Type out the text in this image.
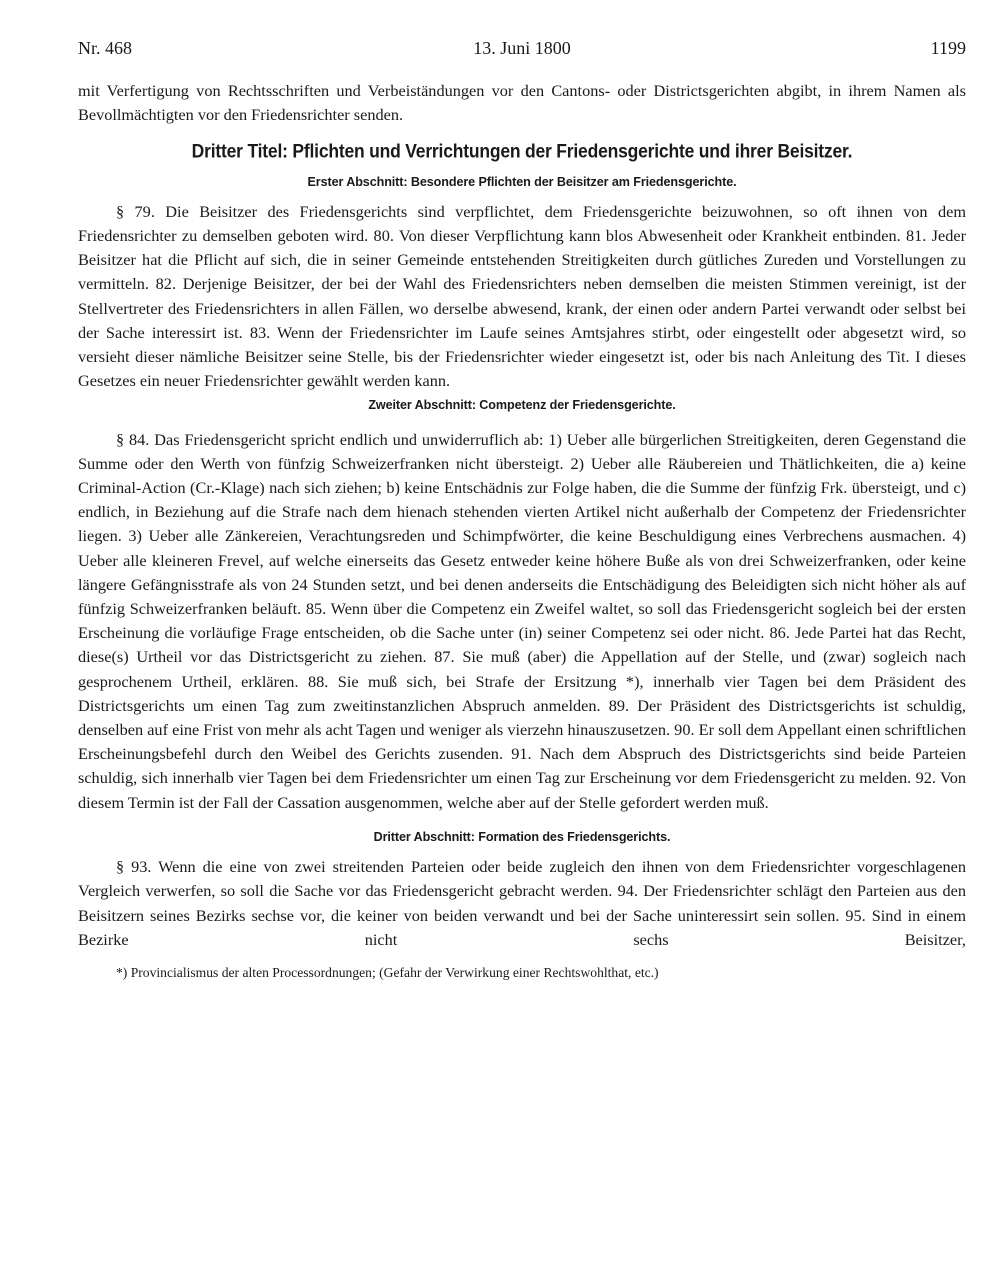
Nr. 468	13. Juni 1800	1199

mit Verfertigung von Rechtsschriften und Verbeiständungen vor den Cantons- oder Districtsgerichten abgibt, in ihrem Namen als Bevollmächtigten vor den Friedensrichter senden.

Dritter Titel: Pflichten und Verrichtungen der Friedensgerichte und ihrer Beisitzer.
Erster Abschnitt: Besondere Pflichten der Beisitzer am Friedensgerichte.

§ 79. Die Beisitzer des Friedensgerichts sind verpflichtet, dem Friedensgerichte beizuwohnen, so oft ihnen von dem Friedensrichter zu demselben geboten wird. 80. Von dieser Verpflichtung kann blos Abwesenheit oder Krankheit entbinden. 81. Jeder Beisitzer hat die Pflicht auf sich, die in seiner Gemeinde entstehenden Streitigkeiten durch gütliches Zureden und Vorstellungen zu vermitteln. 82. Derjenige Beisitzer, der bei der Wahl des Friedensrichters neben demselben die meisten Stimmen vereinigt, ist der Stellvertreter des Friedensrichters in allen Fällen, wo derselbe abwesend, krank, der einen oder andern Partei verwandt oder selbst bei der Sache interessirt ist. 83. Wenn der Friedensrichter im Laufe seines Amtsjahres stirbt, oder eingestellt oder abgesetzt wird, so versieht dieser nämliche Beisitzer seine Stelle, bis der Friedensrichter wieder eingesetzt ist, oder bis nach Anleitung des Tit. I dieses Gesetzes ein neuer Friedensrichter gewählt werden kann.

Zweiter Abschnitt: Competenz der Friedensgerichte.

§ 84. Das Friedensgericht spricht endlich und unwiderruflich ab: 1) Ueber alle bürgerlichen Streitigkeiten, deren Gegenstand die Summe oder den Werth von fünfzig Schweizerfranken nicht übersteigt. 2) Ueber alle Räubereien und Thätlichkeiten, die a) keine Criminal-Action (Cr.-Klage) nach sich ziehen; b) keine Entschädnis zur Folge haben, die die Summe der fünfzig Frk. übersteigt, und c) endlich, in Beziehung auf die Strafe nach dem hienach stehenden vierten Artikel nicht außerhalb der Competenz der Friedensrichter liegen. 3) Ueber alle Zänkereien, Verachtungsreden und Schimpfwörter, die keine Beschuldigung eines Verbrechens ausmachen. 4) Ueber alle kleineren Frevel, auf welche einerseits das Gesetz entweder keine höhere Buße als von drei Schweizerfranken, oder keine längere Gefängnisstrafe als von 24 Stunden setzt, und bei denen anderseits die Entschädigung des Beleidigten sich nicht höher als auf fünfzig Schweizerfranken beläuft. 85. Wenn über die Competenz ein Zweifel waltet, so soll das Friedensgericht sogleich bei der ersten Erscheinung die vorläufige Frage entscheiden, ob die Sache unter (in) seiner Competenz sei oder nicht. 86. Jede Partei hat das Recht, diese(s) Urtheil vor das Districtsgericht zu ziehen. 87. Sie muß (aber) die Appellation auf der Stelle, und (zwar) sogleich nach gesprochenem Urtheil, erklären. 88. Sie muß sich, bei Strafe der Ersitzung *), innerhalb vier Tagen bei dem Präsident des Districtsgerichts um einen Tag zum zweitinstanzlichen Abspruch anmelden. 89. Der Präsident des Districtsgerichts ist schuldig, denselben auf eine Frist von mehr als acht Tagen und weniger als vierzehn hinauszusetzen. 90. Er soll dem Appellant einen schriftlichen Erscheinungsbefehl durch den Weibel des Gerichts zusenden. 91. Nach dem Abspruch des Districtsgerichts sind beide Parteien schuldig, sich innerhalb vier Tagen bei dem Friedensrichter um einen Tag zur Erscheinung vor dem Friedensgericht zu melden. 92. Von diesem Termin ist der Fall der Cassation ausgenommen, welche aber auf der Stelle gefordert werden muß.

Dritter Abschnitt: Formation des Friedensgerichts.

§ 93. Wenn die eine von zwei streitenden Parteien oder beide zugleich den ihnen von dem Friedensrichter vorgeschlagenen Vergleich verwerfen, so soll die Sache vor das Friedensgericht gebracht werden. 94. Der Friedensrichter schlägt den Parteien aus den Beisitzern seines Bezirks sechse vor, die keiner von beiden verwandt und bei der Sache uninteressirt sein sollen. 95. Sind in einem Bezirke nicht sechs Beisitzer,

*) Provincialismus der alten Processordnungen; (Gefahr der Verwirkung einer Rechtswohlthat, etc.)
